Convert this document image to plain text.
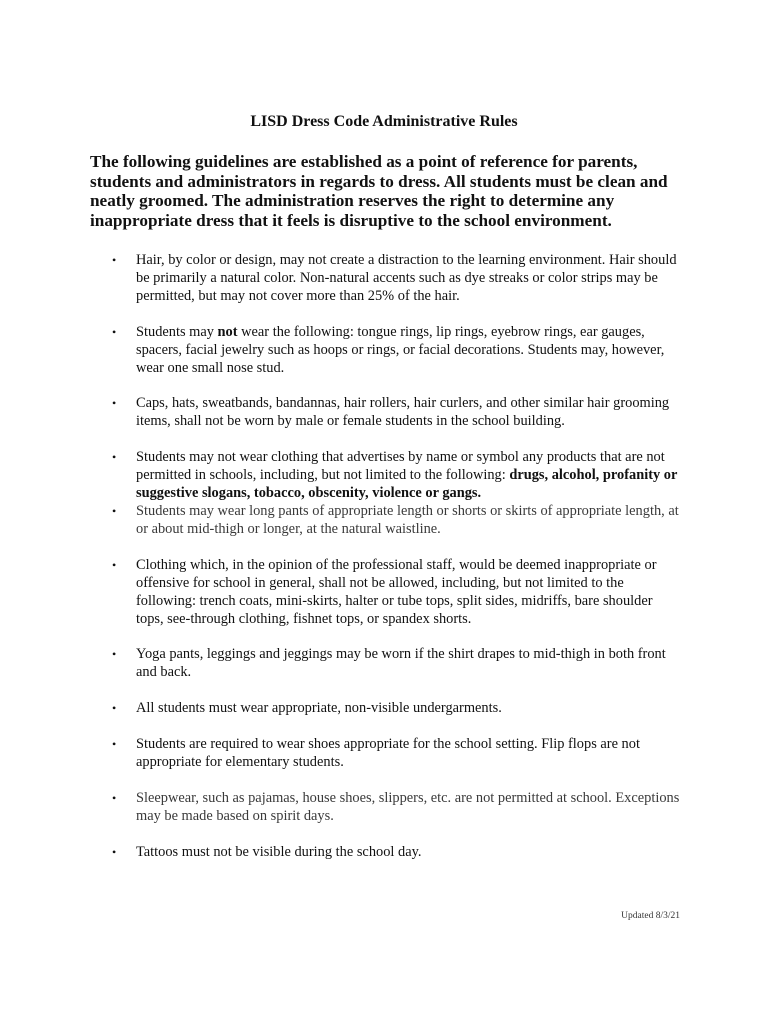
LISD Dress Code Administrative Rules
The following guidelines are established as a point of reference for parents, students and administrators in regards to dress. All students must be clean and neatly groomed. The administration reserves the right to determine any inappropriate dress that it feels is disruptive to the school environment.
• Hair, by color or design, may not create a distraction to the learning environment. Hair should be primarily a natural color. Non-natural accents such as dye streaks or color strips may be permitted, but may not cover more than 25% of the hair.
• Students may not wear the following: tongue rings, lip rings, eyebrow rings, ear gauges, spacers, facial jewelry such as hoops or rings, or facial decorations. Students may, however, wear one small nose stud.
• Caps, hats, sweatbands, bandannas, hair rollers, hair curlers, and other similar hair grooming items, shall not be worn by male or female students in the school building.
• Students may not wear clothing that advertises by name or symbol any products that are not permitted in schools, including, but not limited to the following: drugs, alcohol, profanity or suggestive slogans, tobacco, obscenity, violence or gangs.
• Students may wear long pants of appropriate length or shorts or skirts of appropriate length, at or about mid-thigh or longer, at the natural waistline.
• Clothing which, in the opinion of the professional staff, would be deemed inappropriate or offensive for school in general, shall not be allowed, including, but not limited to the following: trench coats, mini-skirts, halter or tube tops, split sides, midriffs, bare shoulder tops, see-through clothing, fishnet tops, or spandex shorts.
• Yoga pants, leggings and jeggings may be worn if the shirt drapes to mid-thigh in both front and back.
• All students must wear appropriate, non-visible undergarments.
• Students are required to wear shoes appropriate for the school setting. Flip flops are not appropriate for elementary students.
• Sleepwear, such as pajamas, house shoes, slippers, etc. are not permitted at school. Exceptions may be made based on spirit days.
• Tattoos must not be visible during the school day.
Updated 8/3/21
